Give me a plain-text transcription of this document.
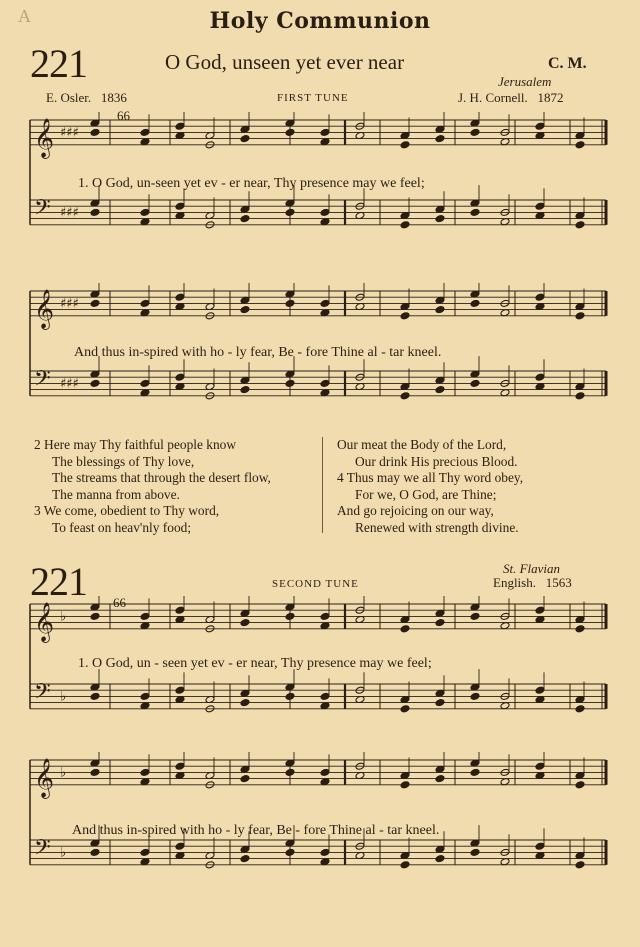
A	Holy Communion
221	O God, unseen yet ever near	C. M.
Jerusalem
E. Osler. 1836	FIRST TUNE	J. H. Cornell. 1872
𝄞 ♯♯♯
𝄢 ♯♯♯
66
1. O God, un-seen yet ev - er near, Thy presence may we feel;
𝄞 ♯♯♯
𝄢 ♯♯♯
And thus in-spired with ho - ly fear, Be - fore Thine al - tar kneel.
2 Here may Thy faithful people know
The blessings of Thy love,
The streams that through the desert flow,
The manna from above.
3 We come, obedient to Thy word,
To feast on heav'nly food;
Our meat the Body of the Lord,
Our drink His precious Blood.
4 Thus may we all Thy word obey,
For we, O God, are Thine;
And go rejoicing on our way,
Renewed with strength divine.
221	St. Flavian
SECOND TUNE	English. 1563
𝄞 ♭
𝄢 ♭
66
1. O God, un - seen yet ev - er near, Thy presence may we feel;
𝄞 ♭
𝄢 ♭
And thus in-spired with ho - ly fear, Be - fore Thine al - tar kneel.
